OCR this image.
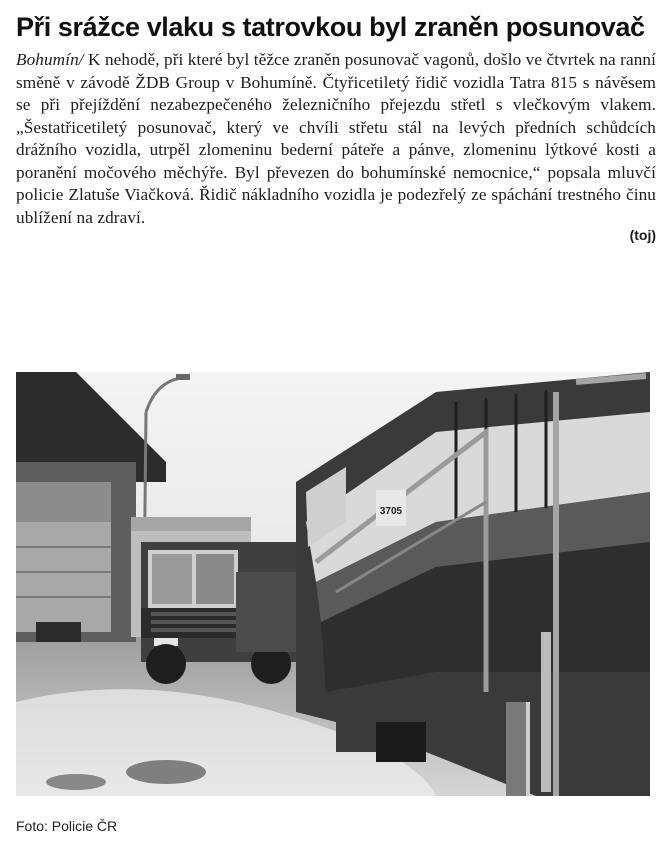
Při srážce vlaku s tatrovkou byl zraněn posunovač

Bohumín/ K nehodě, při které byl těžce zraněn posunovač vagonů, došlo ve čtvrtek na ranní směně v závodě ŽDB Group v Bohumíně. Čtyřicetiletý řidič vozidla Tatra 815 s návěsem se při přejíždění nezabezpečeného železničního přejezdu střetl s vlečkovým vlakem. „Šestatřicetiletý posunovač, který ve chvíli střetu stál na levých předních schůdcích drážního vozidla, utrpěl zlomeninu bederní páteře a pánve, zlomeninu lýtkové kosti a poranění močového měchýře. Byl převezen do bohumínské nemocnice,“ popsala mluvčí policie Zlatuše Viačková. Řidič nákladního vozidla je podezřelý ze spáchání trestného činu ublížení na zdraví.

(toj)
3705
Foto: Policie ČR
